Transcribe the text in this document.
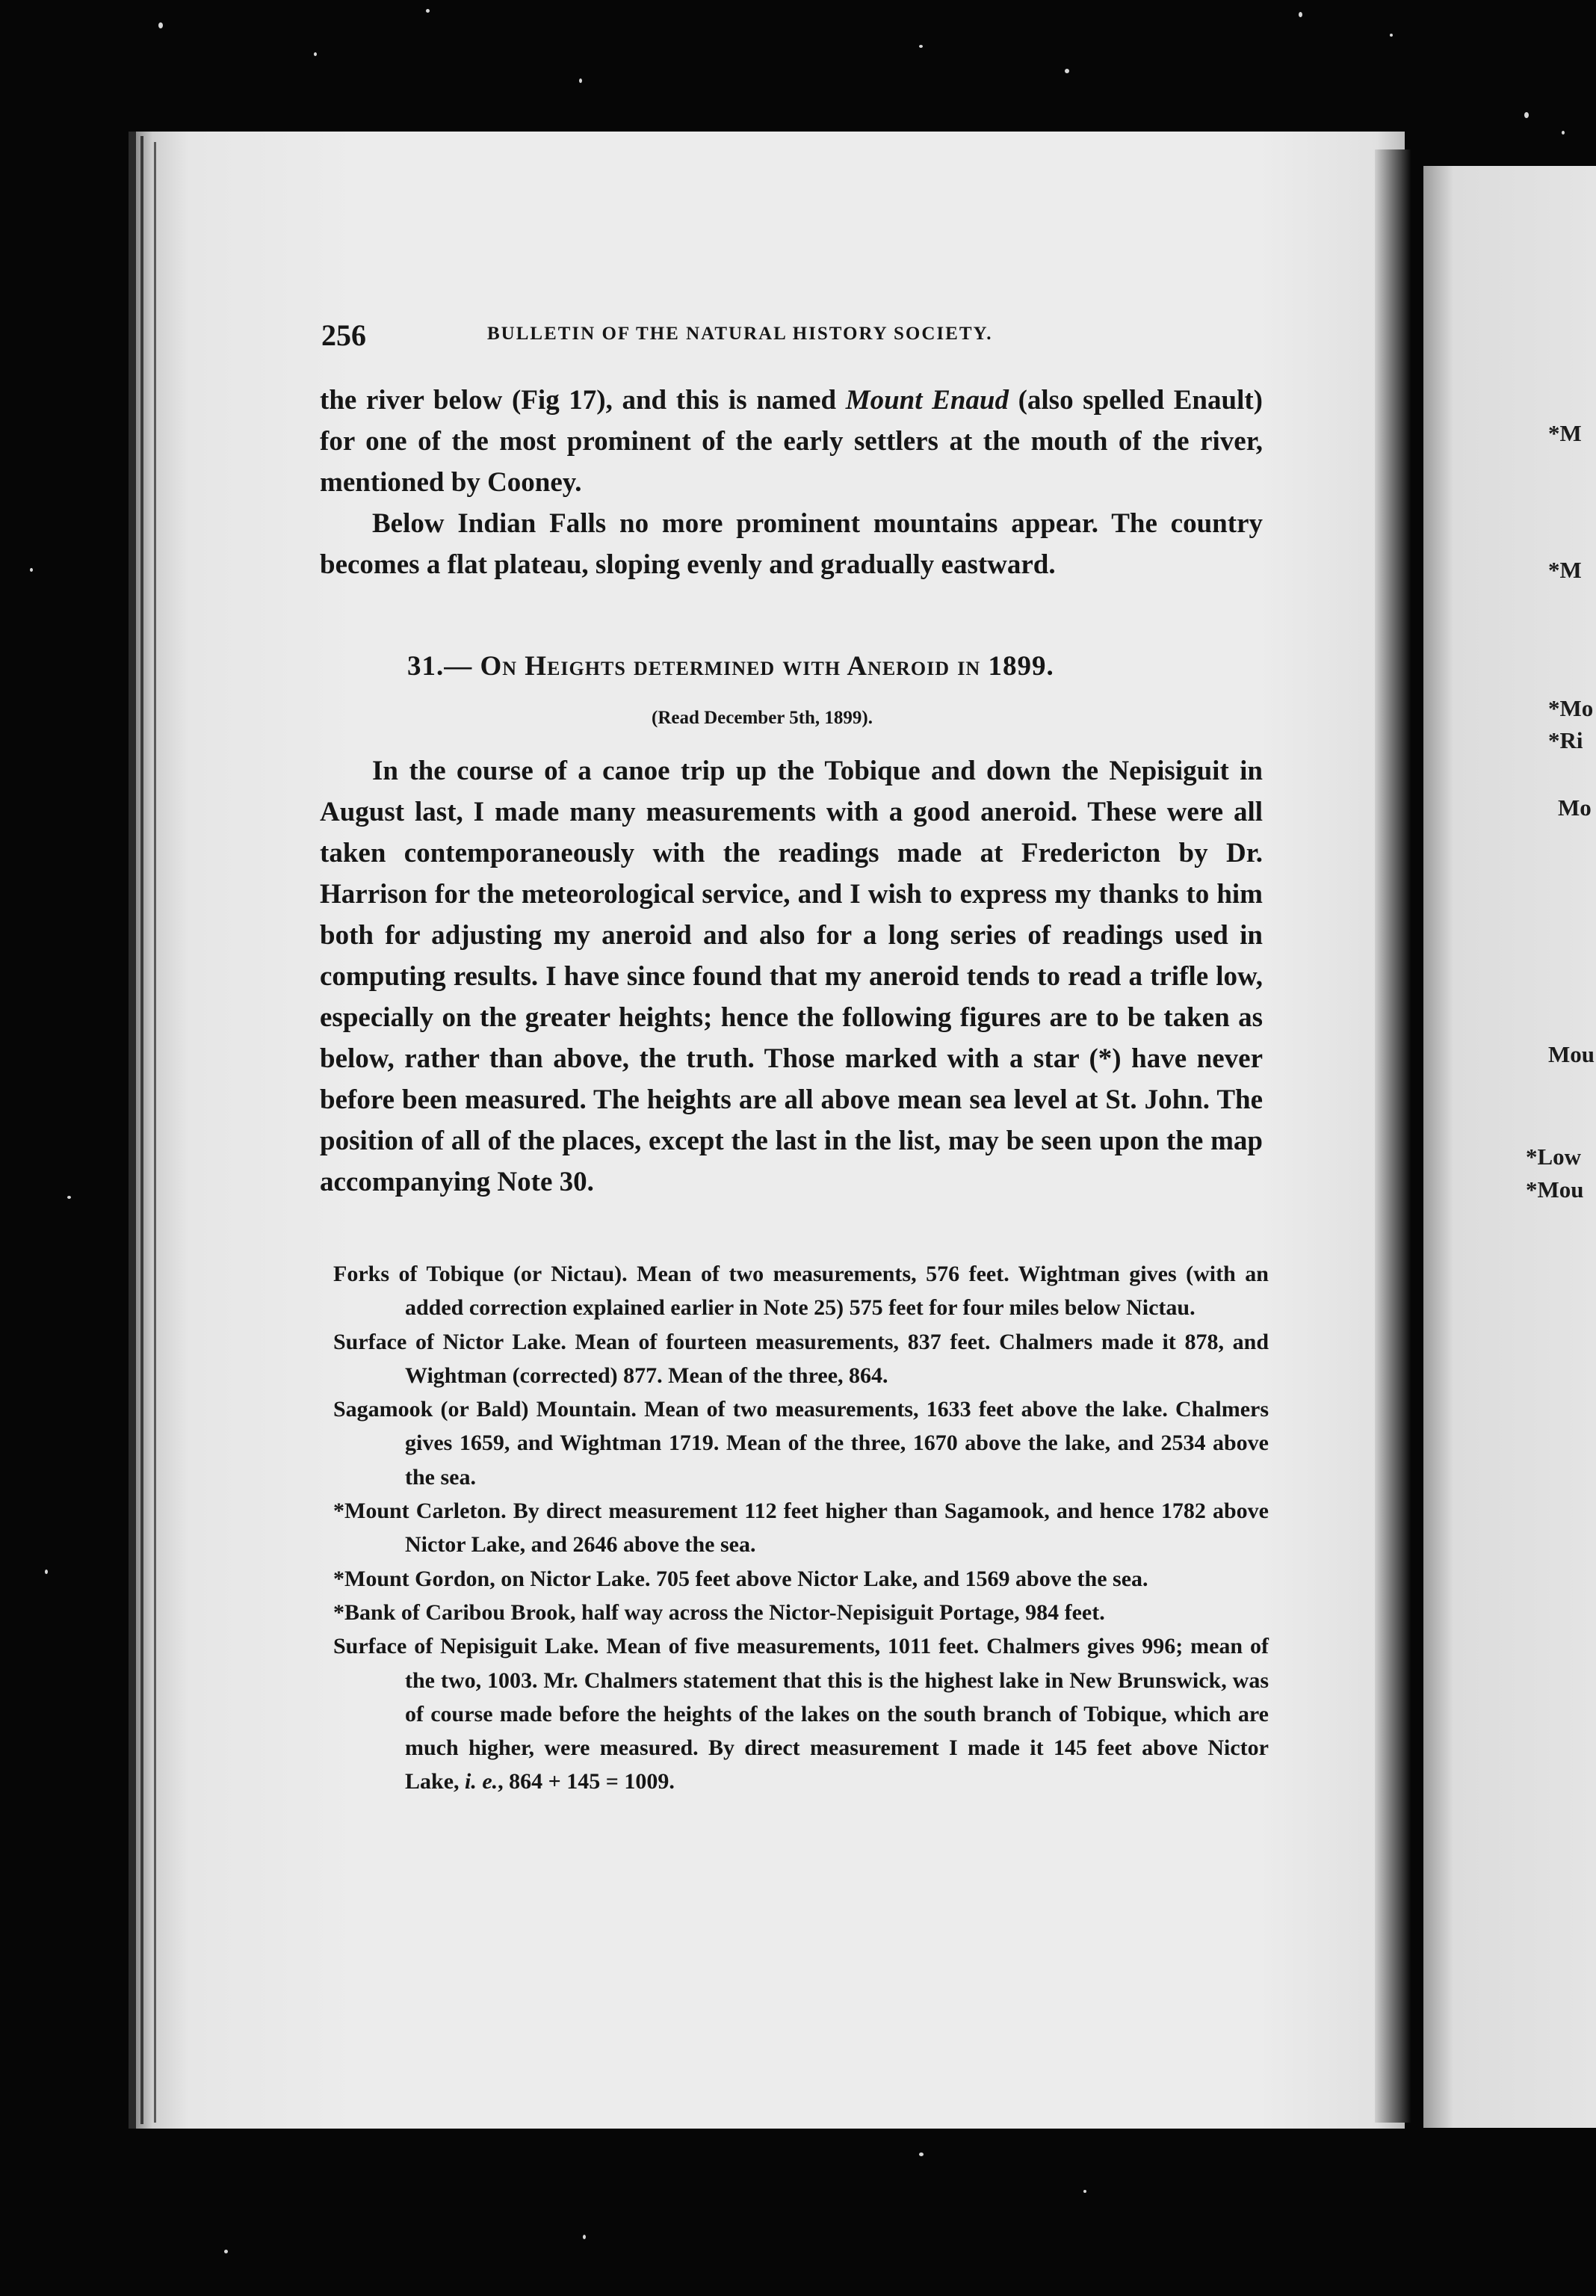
*M
*M
*Mo
*Ri
Mo
Mou
*Low
*Mou
256	BULLETIN OF THE NATURAL HISTORY SOCIETY.

the river below (Fig 17), and this is named Mount Enaud (also spelled Enault) for one of the most prominent of the early settlers at the mouth of the river, mentioned by Cooney.

Below Indian Falls no more prominent mountains appear. The country becomes a flat plateau, sloping evenly and gradually eastward.

31.— On Heights determined with Aneroid in 1899.
(Read December 5th, 1899).
In the course of a canoe trip up the Tobique and down the Nepisiguit in August last, I made many measurements with a good aneroid. These were all taken contemporaneously with the readings made at Fredericton by Dr. Harrison for the meteorological service, and I wish to express my thanks to him both for adjusting my aneroid and also for a long series of readings used in computing results. I have since found that my aneroid tends to read a trifle low, especially on the greater heights; hence the following figures are to be taken as below, rather than above, the truth. Those marked with a star (*) have never before been measured. The heights are all above mean sea level at St. John. The position of all of the places, except the last in the list, may be seen upon the map accompanying Note 30.

Forks of Tobique (or Nictau). Mean of two measurements, 576 feet. Wightman gives (with an added correction explained earlier in Note 25) 575 feet for four miles below Nictau.

Surface of Nictor Lake. Mean of fourteen measurements, 837 feet. Chalmers made it 878, and Wightman (corrected) 877. Mean of the three, 864.

Sagamook (or Bald) Mountain. Mean of two measurements, 1633 feet above the lake. Chalmers gives 1659, and Wightman 1719. Mean of the three, 1670 above the lake, and 2534 above the sea.

*Mount Carleton. By direct measurement 112 feet higher than Sagamook, and hence 1782 above Nictor Lake, and 2646 above the sea.

*Mount Gordon, on Nictor Lake. 705 feet above Nictor Lake, and 1569 above the sea.

*Bank of Caribou Brook, half way across the Nictor-Nepisiguit Portage, 984 feet.

Surface of Nepisiguit Lake. Mean of five measurements, 1011 feet. Chalmers gives 996; mean of the two, 1003. Mr. Chalmers statement that this is the highest lake in New Brunswick, was of course made before the heights of the lakes on the south branch of Tobique, which are much higher, were measured. By direct measurement I made it 145 feet above Nictor Lake, i. e., 864 + 145 = 1009.
